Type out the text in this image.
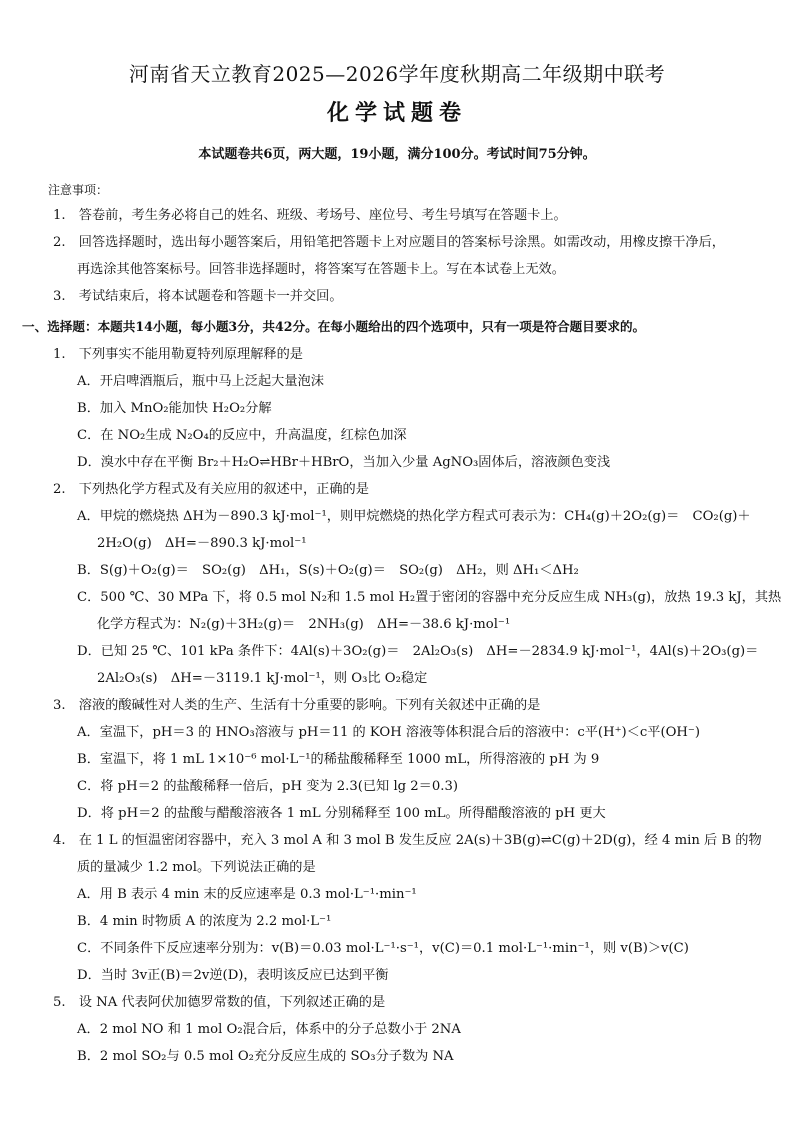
河南省天立教育2025—2026学年度秋期高二年级期中联考
化学试题卷
本试题卷共6页，两大题，19小题，满分100分。考试时间75分钟。
注意事项：
1.　答卷前，考生务必将自己的姓名、班级、考场号、座位号、考生号填写在答题卡上。
2.　回答选择题时，选出每小题答案后，用铅笔把答题卡上对应题目的答案标号涂黑。如需改动，用橡皮擦干净后，
再选涂其他答案标号。回答非选择题时，将答案写在答题卡上。写在本试卷上无效。
3.　考试结束后，将本试题卷和答题卡一并交回。
一、选择题：本题共14小题，每小题3分，共42分。在每小题给出的四个选项中，只有一项是符合题目要求的。
1.　下列事实不能用勒夏特列原理解释的是
A．开启啤酒瓶后，瓶中马上泛起大量泡沫
B．加入 MnO₂能加快 H₂O₂分解
C．在 NO₂生成 N₂O₄的反应中，升高温度，红棕色加深
D．溴水中存在平衡 Br₂＋H₂O⇌HBr＋HBrO，当加入少量 AgNO₃固体后，溶液颜色变浅
2.　下列热化学方程式及有关应用的叙述中，正确的是
A．甲烷的燃烧热 ΔH为－890.3 kJ·mol⁻¹，则甲烷燃烧的热化学方程式可表示为：CH₄(g)＋2O₂(g)＝　CO₂(g)＋
2H₂O(g)　ΔH=－890.3 kJ·mol⁻¹
B．S(g)＋O₂(g)＝　SO₂(g)　ΔH₁，S(s)＋O₂(g)＝　SO₂(g)　ΔH₂，则 ΔH₁＜ΔH₂
C．500 ℃、30 MPa 下，将 0.5 mol N₂和 1.5 mol H₂置于密闭的容器中充分反应生成 NH₃(g)，放热 19.3 kJ，其热
化学方程式为：N₂(g)＋3H₂(g)＝　2NH₃(g)　ΔH=－38.6 kJ·mol⁻¹
D．已知 25 ℃、101 kPa 条件下：4Al(s)＋3O₂(g)＝　2Al₂O₃(s)　ΔH=－2834.9 kJ·mol⁻¹，4Al(s)＋2O₃(g)＝
2Al₂O₃(s)　ΔH=－3119.1 kJ·mol⁻¹，则 O₃比 O₂稳定
3.　溶液的酸碱性对人类的生产、生活有十分重要的影响。下列有关叙述中正确的是
A．室温下，pH＝3 的 HNO₃溶液与 pH＝11 的 KOH 溶液等体积混合后的溶液中：c平(H⁺)＜c平(OH⁻)
B．室温下，将 1 mL 1×10⁻⁶ mol·L⁻¹的稀盐酸稀释至 1000 mL，所得溶液的 pH 为 9
C．将 pH＝2 的盐酸稀释一倍后，pH 变为 2.3(已知 lg 2＝0.3)
D．将 pH＝2 的盐酸与醋酸溶液各 1 mL 分别稀释至 100 mL。所得醋酸溶液的 pH 更大
4.　在 1 L 的恒温密闭容器中，充入 3 mol A 和 3 mol B 发生反应 2A(s)＋3B(g)⇌C(g)＋2D(g)，经 4 min 后 B 的物
质的量减少 1.2 mol。下列说法正确的是
A．用 B 表示 4 min 末的反应速率是 0.3 mol·L⁻¹·min⁻¹
B．4 min 时物质 A 的浓度为 2.2 mol·L⁻¹
C．不同条件下反应速率分别为：v(B)＝0.03 mol·L⁻¹·s⁻¹，v(C)＝0.1 mol·L⁻¹·min⁻¹，则 v(B)＞v(C)
D．当时 3v正(B)＝2v逆(D)，表明该反应已达到平衡
5.　设 NA 代表阿伏加德罗常数的值，下列叙述正确的是
A．2 mol NO 和 1 mol O₂混合后，体系中的分子总数小于 2NA
B．2 mol SO₂与 0.5 mol O₂充分反应生成的 SO₃分子数为 NA
